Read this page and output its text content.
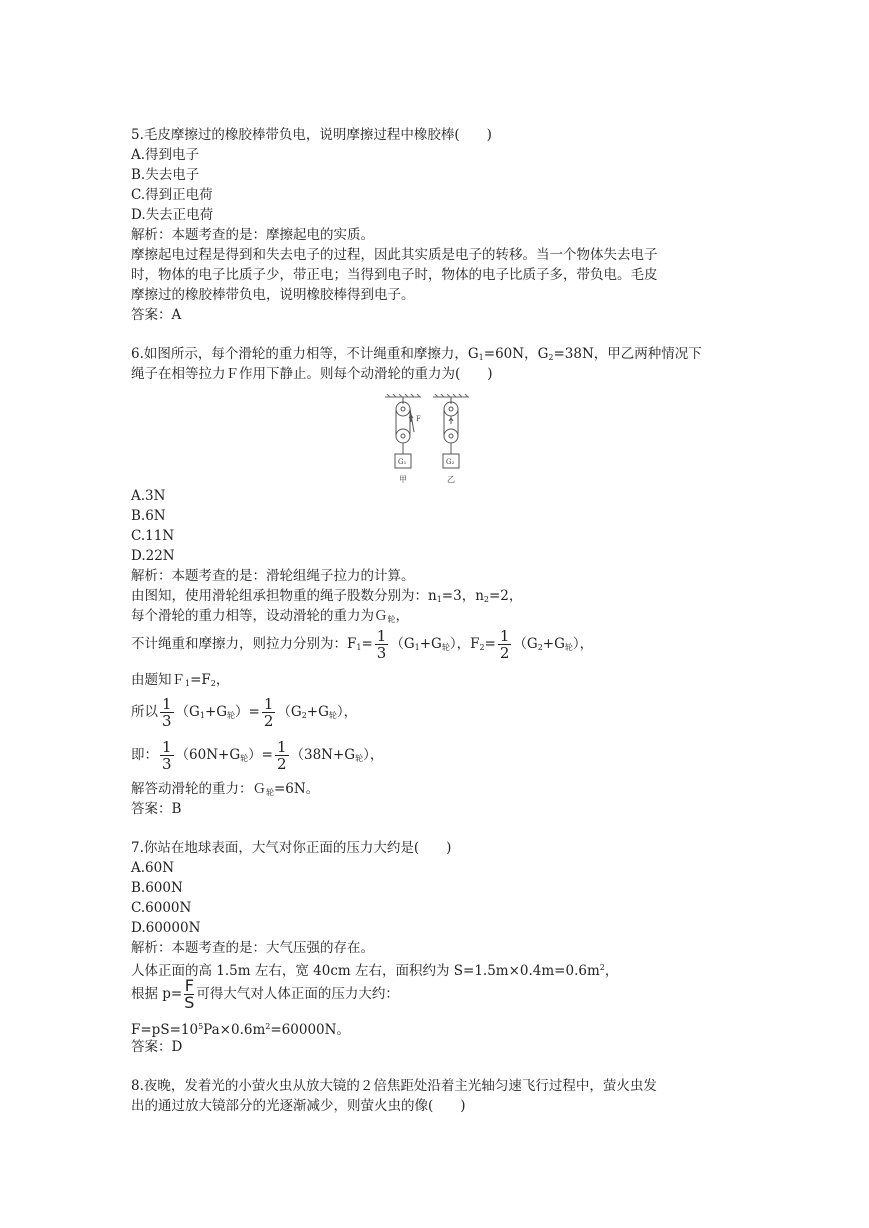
5.毛皮摩擦过的橡胶棒带负电，说明摩擦过程中橡胶棒(　　)
A.得到电子
B.失去电子
C.得到正电荷
D.失去正电荷
解析：本题考查的是：摩擦起电的实质。
摩擦起电过程是得到和失去电子的过程，因此其实质是电子的转移。当一个物体失去电子
时，物体的电子比质子少，带正电；当得到电子时，物体的电子比质子多，带负电。毛皮
摩擦过的橡胶棒带负电，说明橡胶棒得到电子。
答案：A
6.如图所示，每个滑轮的重力相等，不计绳重和摩擦力，$G_1=60N$，$G_2=38N$，甲乙两种情况下
绳子在相等拉力Ｆ作用下静止。则每个动滑轮的重力为(　　)
F
G₁	G₂
甲	乙
A.3N
B.6N
C.11N
D.22N
解析：本题考查的是：滑轮组绳子拉力的计算。
由图知，使用滑轮组承担物重的绳子股数分别为：$n_1=3$，$n_2=2$，
每个滑轮的重力相等，设动滑轮的重力为Ｇ$_轮$，
不计绳重和摩擦力，则拉力分别为：$F_1= \frac{1}{3} (G_1+G_轮)$，$F_2= \frac{1}{2} (G_2+G_轮)$，
由题知$F_1=F_2$，
所以 $\frac{1}{3} (G_1+G_轮)= \frac{1}{2} (G_2+G_轮)$，
即： $\frac{1}{3} (60N+G_轮)= \frac{1}{2} (38N+G_轮)$，
解答动滑轮的重力：Ｇ$_轮$=6N。
答案：B
7.你站在地球表面，大气对你正面的压力大约是(　　)
A.60N
B.600N
C.6000N
D.60000N
解析：本题考查的是：大气压强的存在。
人体正面的高 1.5m 左右，宽 40cm 左右，面积约为 $S=1.5m\times 0.4m=0.6m^2$，
根据 $p= \frac{F}{S}$ 可得大气对人体正面的压力大约：
$F=pS=10^5Pa\times 0.6m^2=60000N$。
答案：D
8.夜晚，发着光的小萤火虫从放大镜的２倍焦距处沿着主光轴匀速飞行过程中，萤火虫发
出的通过放大镜部分的光逐渐减少，则萤火虫的像(　　)
